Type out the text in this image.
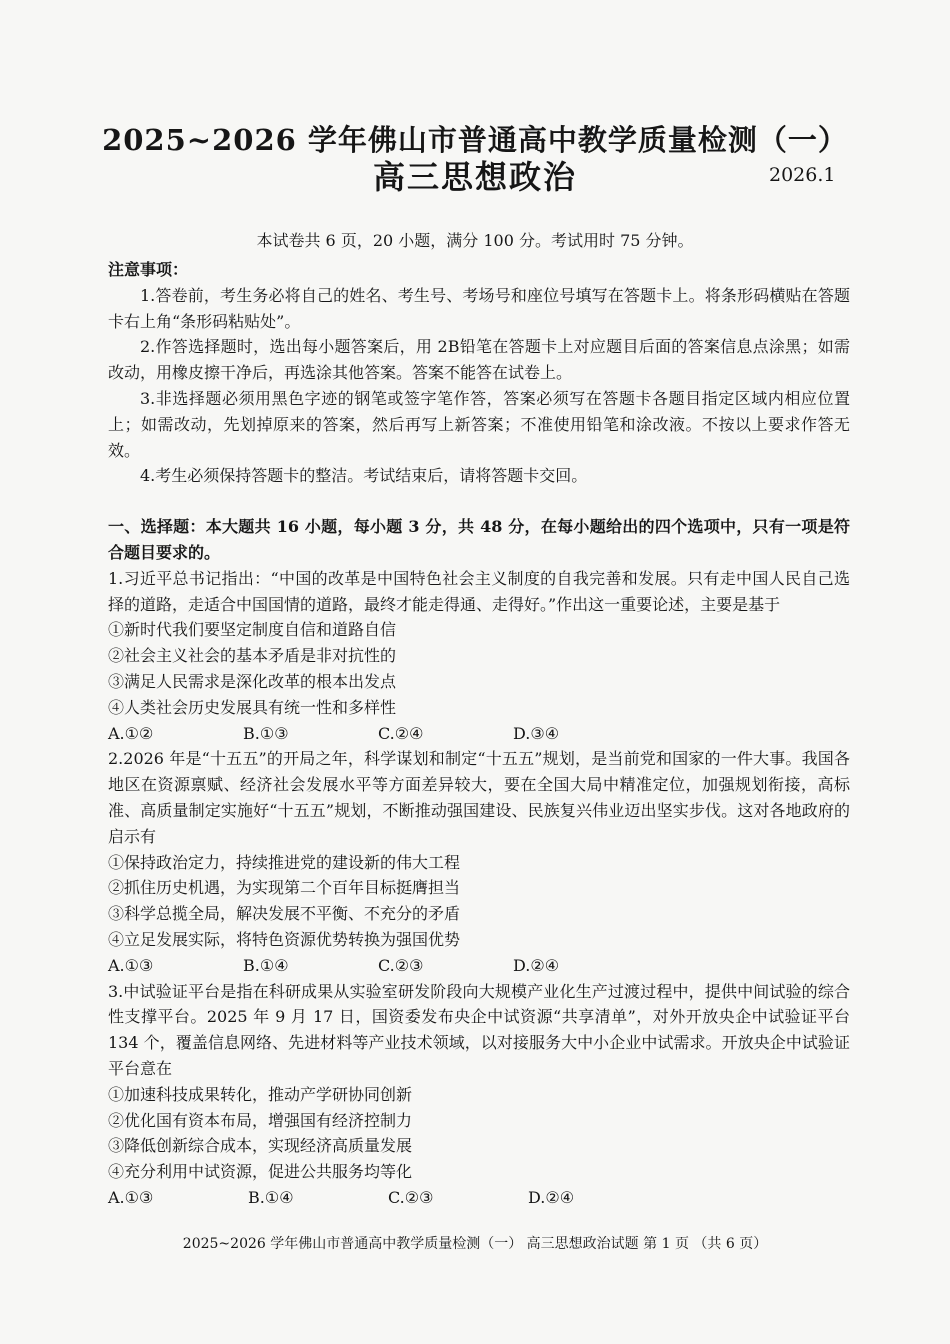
2025~2026 学年佛山市普通高中教学质量检测（一）
高三思想政治	2026.1
本试卷共 6 页，20 小题，满分 100 分。考试用时 75 分钟。

注意事项：

1.答卷前，考生务必将自己的姓名、考生号、考场号和座位号填写在答题卡上。将条形码横贴在答题卡右上角“条形码粘贴处”。

2.作答选择题时，选出每小题答案后，用 2B铅笔在答题卡上对应题目后面的答案信息点涂黑；如需改动，用橡皮擦干净后，再选涂其他答案。答案不能答在试卷上。

3.非选择题必须用黑色字迹的钢笔或签字笔作答，答案必须写在答题卡各题目指定区域内相应位置上；如需改动，先划掉原来的答案，然后再写上新答案；不准使用铅笔和涂改液。不按以上要求作答无效。

4.考生必须保持答题卡的整洁。考试结束后，请将答题卡交回。

一、选择题：本大题共 16 小题，每小题 3 分，共 48 分，在每小题给出的四个选项中，只有一项是符合题目要求的。

1.习近平总书记指出：“中国的改革是中国特色社会主义制度的自我完善和发展。只有走中国人民自己选择的道路，走适合中国国情的道路，最终才能走得通、走得好。”作出这一重要论述，主要是基于

①新时代我们要坚定制度自信和道路自信
②社会主义社会的基本矛盾是非对抗性的
③满足人民需求是深化改革的根本出发点
④人类社会历史发展具有统一性和多样性
A.①②	B.①③	C.②④	D.③④

2.2026 年是“十五五”的开局之年，科学谋划和制定“十五五”规划，是当前党和国家的一件大事。我国各地区在资源禀赋、经济社会发展水平等方面差异较大，要在全国大局中精准定位，加强规划衔接，高标准、高质量制定实施好“十五五”规划，不断推动强国建设、民族复兴伟业迈出坚实步伐。这对各地政府的启示有

①保持政治定力，持续推进党的建设新的伟大工程
②抓住历史机遇，为实现第二个百年目标挺膺担当
③科学总揽全局，解决发展不平衡、不充分的矛盾
④立足发展实际，将特色资源优势转换为强国优势
A.①③	B.①④	C.②③	D.②④

3.中试验证平台是指在科研成果从实验室研发阶段向大规模产业化生产过渡过程中，提供中间试验的综合性支撑平台。2025 年 9 月 17 日，国资委发布央企中试资源“共享清单”，对外开放央企中试验证平台 134 个，覆盖信息网络、先进材料等产业技术领域，以对接服务大中小企业中试需求。开放央企中试验证平台意在

①加速科技成果转化，推动产学研协同创新
②优化国有资本布局，增强国有经济控制力
③降低创新综合成本，实现经济高质量发展
④充分利用中试资源，促进公共服务均等化
A.①③	B.①④	C.②③	D.②④
2025~2026 学年佛山市普通高中教学质量检测（一） 高三思想政治试题 第 1 页 （共 6 页）
